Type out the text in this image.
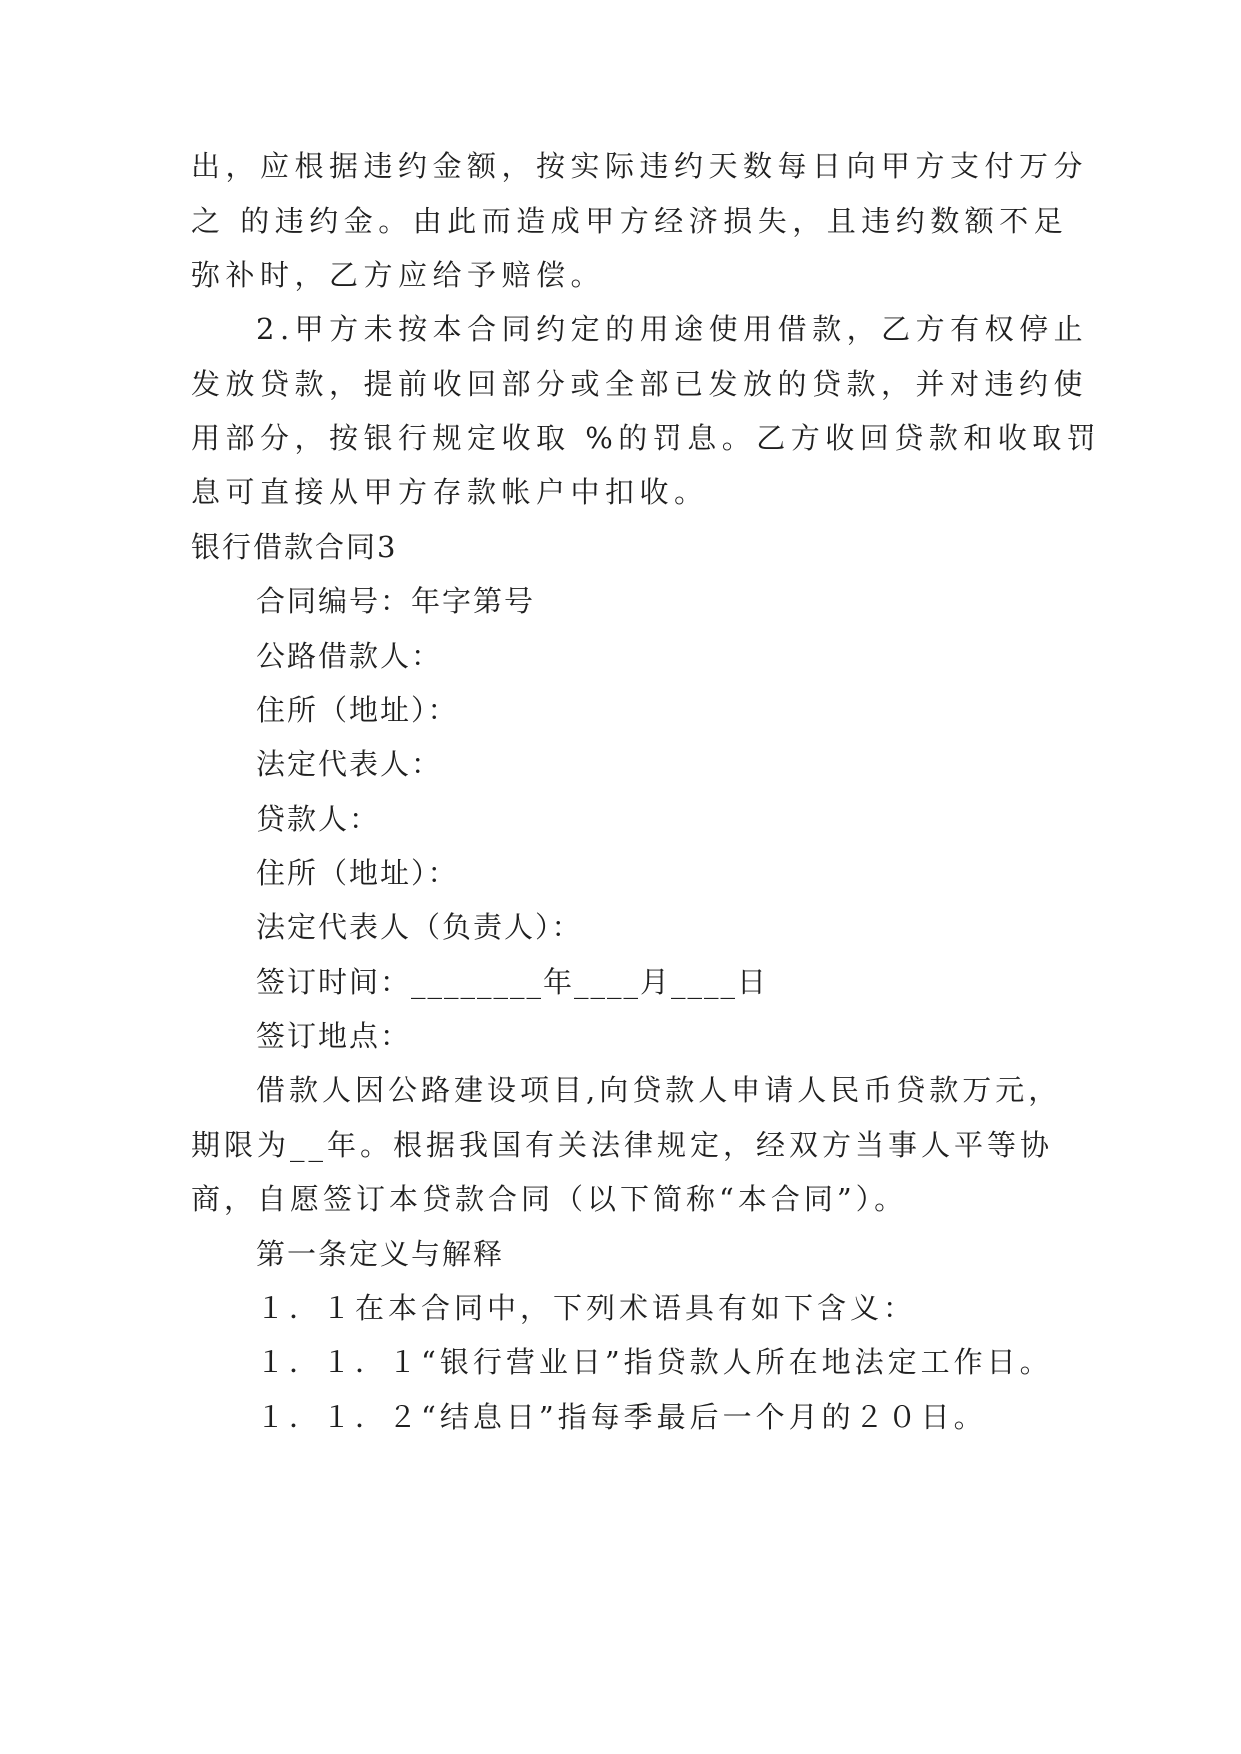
出，应根据违约金额，按实际违约天数每日向甲方支付万分
之 的违约金。由此而造成甲方经济损失，且违约数额不足
弥补时，乙方应给予赔偿。
2.甲方未按本合同约定的用途使用借款，乙方有权停止
发放贷款，提前收回部分或全部已发放的贷款，并对违约使
用部分，按银行规定收取 %的罚息。乙方收回贷款和收取罚
息可直接从甲方存款帐户中扣收。
银行借款合同3
合同编号：年字第号
公路借款人：
住所（地址）：
法定代表人：
贷款人：
住所（地址）：
法定代表人（负责人）：
签订时间：________年____月____日
签订地点：
借款人因公路建设项目,向贷款人申请人民币贷款万元，
期限为__年。根据我国有关法律规定，经双方当事人平等协
商，自愿签订本贷款合同（以下简称“本合同”）。
第一条定义与解释
１．１在本合同中，下列术语具有如下含义：
１．１．１“银行营业日”指贷款人所在地法定工作日。
１．１．２“结息日”指每季最后一个月的２０日。
